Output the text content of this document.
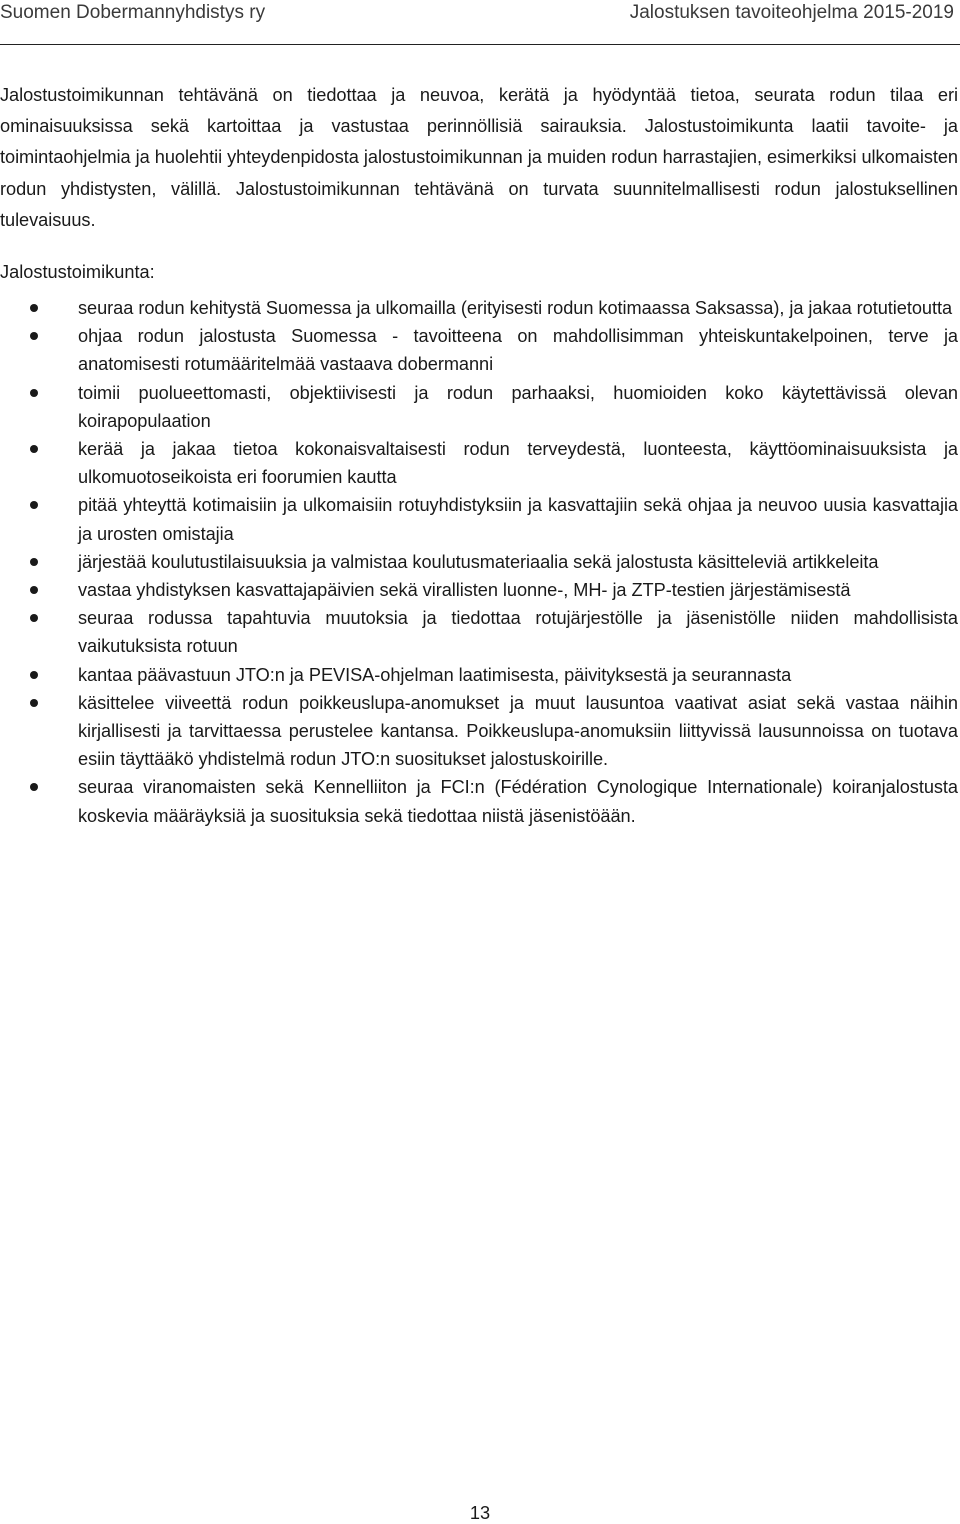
Suomen Dobermannyhdistys ry	Jalostuksen tavoiteohjelma 2015-2019

Jalostustoimikunnan tehtävänä on tiedottaa ja neuvoa, kerätä ja hyödyntää tietoa, seurata rodun tilaa eri ominaisuuksissa sekä kartoittaa ja vastustaa perinnöllisiä sairauksia. Jalostustoimikunta laatii tavoite- ja toimintaohjelmia ja huolehtii yhteydenpidosta jalostustoimikunnan ja muiden rodun harrastajien, esimerkiksi ulkomaisten rodun yhdistysten, välillä. Jalostustoimikunnan tehtävänä on turvata suunnitelmallisesti rodun jalostuksellinen tulevaisuus.

Jalostustoimikunta:

seuraa rodun kehitystä Suomessa ja ulkomailla (erityisesti rodun kotimaassa Saksassa), ja jakaa rotutietoutta
ohjaa rodun jalostusta Suomessa - tavoitteena on mahdollisimman yhteiskuntakelpoinen, terve ja anatomisesti rotumääritelmää vastaava dobermanni
toimii puolueettomasti, objektiivisesti ja rodun parhaaksi, huomioiden koko käytettävissä olevan koirapopulaation
kerää ja jakaa tietoa kokonaisvaltaisesti rodun terveydestä, luonteesta, käyttöominaisuuksista ja ulkomuotoseikoista eri foorumien kautta
pitää yhteyttä kotimaisiin ja ulkomaisiin rotuyhdistyksiin ja kasvattajiin sekä ohjaa ja neuvoo uusia kasvattajia ja urosten omistajia
järjestää koulutustilaisuuksia ja valmistaa koulutusmateriaalia sekä jalostusta käsitteleviä artikkeleita
vastaa yhdistyksen kasvattajapäivien sekä virallisten luonne-, MH- ja ZTP-testien järjestämisestä
seuraa rodussa tapahtuvia muutoksia ja tiedottaa rotujärjestölle ja jäsenistölle niiden mahdollisista vaikutuksista rotuun
kantaa päävastuun JTO:n ja PEVISA-ohjelman laatimisesta, päivityksestä ja seurannasta
käsittelee viiveettä rodun poikkeuslupa-anomukset ja muut lausuntoa vaativat asiat sekä vastaa näihin kirjallisesti ja tarvittaessa perustelee kantansa. Poikkeuslupa-anomuksiin liittyvissä lausunnoissa on tuotava esiin täyttääkö yhdistelmä rodun JTO:n suositukset jalostuskoirille.
seuraa viranomaisten sekä Kennelliiton ja FCI:n (Fédération Cynologique Internationale) koiranjalostusta koskevia määräyksiä ja suosituksia sekä tiedottaa niistä jäsenistöään.
13
